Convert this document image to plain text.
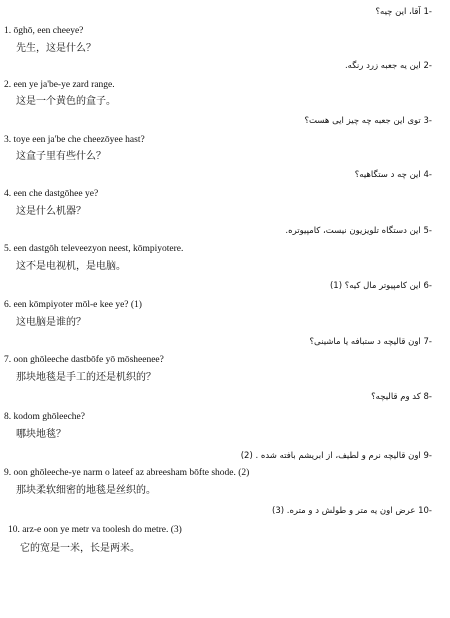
-1 آقا، این چیه؟
1. ōghō, een cheeye?
先生，这是什么？
-2 این یه جعبه زرد رنگه.
2. een ye ja'be-ye zard range.
这是一个黄色的盒子。
-3 توی این جعبه چه چیز ایی هست؟
3. toye een ja'be che cheezōyee hast?
这盒子里有些什么？
-4 این چه د ستگاهیه؟
4. een che dastgōhee ye?
这是什么机器？
-5 این دستگاه تلویزیون نیست، کامپیوتره.
5. een dastgōh televeezyon neest, kōmpiyotere.
这不是电视机，是电脑。
-6 این کامپیوتر مال کیه؟ (1)
6. een kōmpiyoter mōl-e kee ye? (1)
这电脑是谁的？
-7 اون قالیچه د ستبافه یا ماشینی؟
7. oon ghōleeche dastbōfe yō mōsheenee?
那块地毯是手工的还是机织的？
-8 کد وم قالیچه؟
8. kodom ghōleeche?
哪块地毯？
-9 اون قالیچه نرم و لطیف، از ابریشم بافته شده . (2)
9. oon ghōleeche-ye narm o lateef az abreesham bōfte shode. (2)
那块柔软细密的地毯是丝织的。
-10 عرض اون یه متر و طولش د و متره. (3)
10. arz-e oon ye metr va toolesh do metre. (3)
它的宽是一米，长是两米。
